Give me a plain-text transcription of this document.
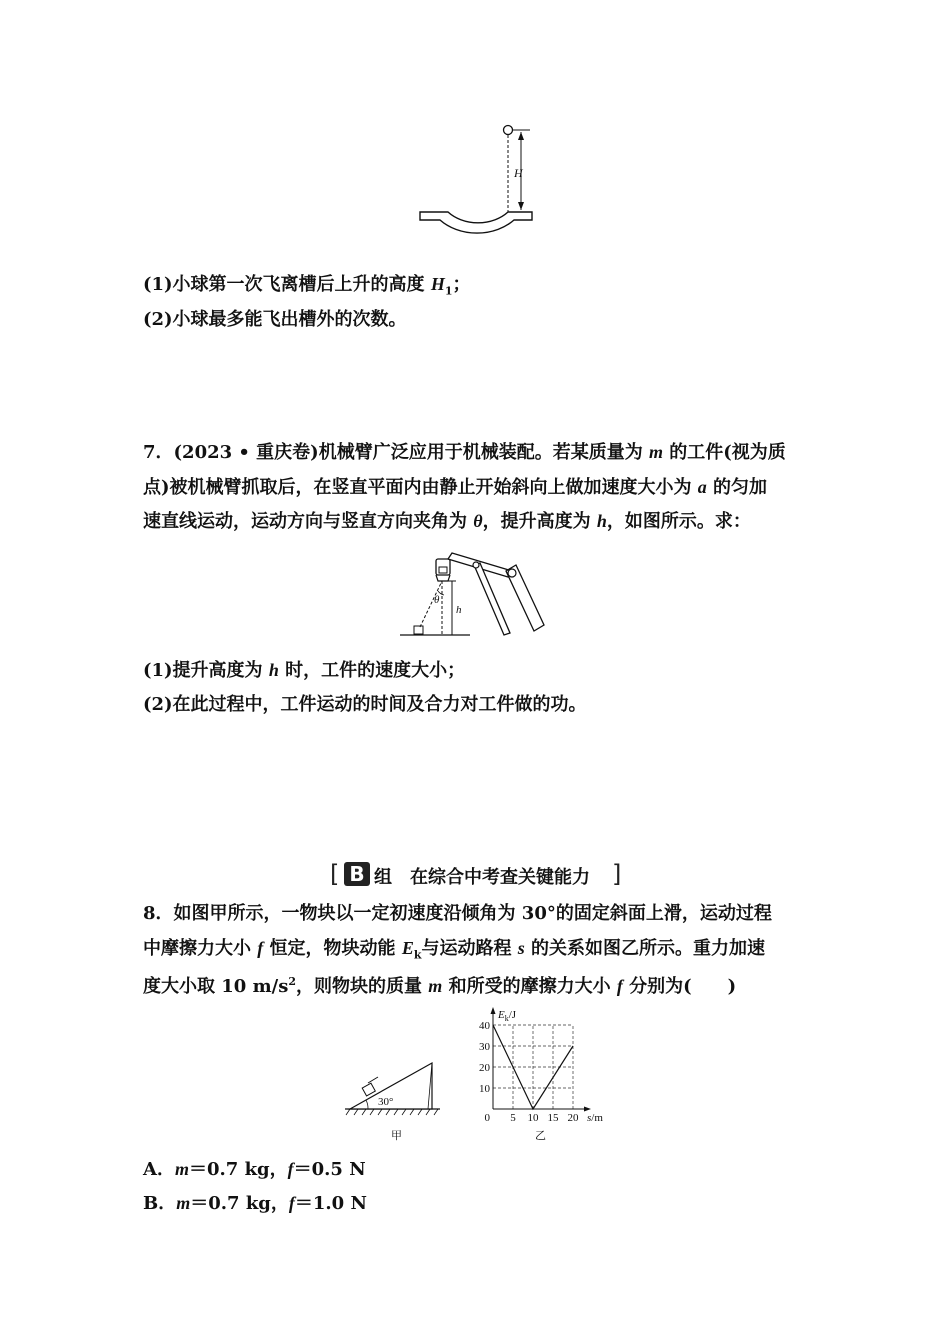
H
(1)小球第一次飞离槽后上升的高度 $H_1$；
(2)小球最多能飞出槽外的次数。
7．(2023 • 重庆卷)机械臂广泛应用于机械装配。若某质量为 m 的工件(视为质
点)被机械臂抓取后，在竖直平面内由静止开始斜向上做加速度大小为 a 的匀加
速直线运动，运动方向与竖直方向夹角为 θ，提升高度为 h，如图所示。求：
θ
h
(1)提升高度为 h 时，工件的速度大小；
(2)在此过程中，工件运动的时间及合力对工件做的功。
[ B 组　在综合中考查关键能力 ]
8．如图甲所示，一物块以一定初速度沿倾角为 30°的固定斜面上滑，运动过程
中摩擦力大小 f 恒定，物块动能 $E_k$与运动路程 s 的关系如图乙所示。重力加速
度大小取 10 $m/s^2$，则物块的质量 m 和所受的摩擦力大小 f 分别为(　　)
30°
甲
10
20
30
40
0 5 10 15 20
$E_k/J$
s/m
乙
A．m＝0.7 kg，f＝0.5 N
B．m＝0.7 kg，f＝1.0 N
